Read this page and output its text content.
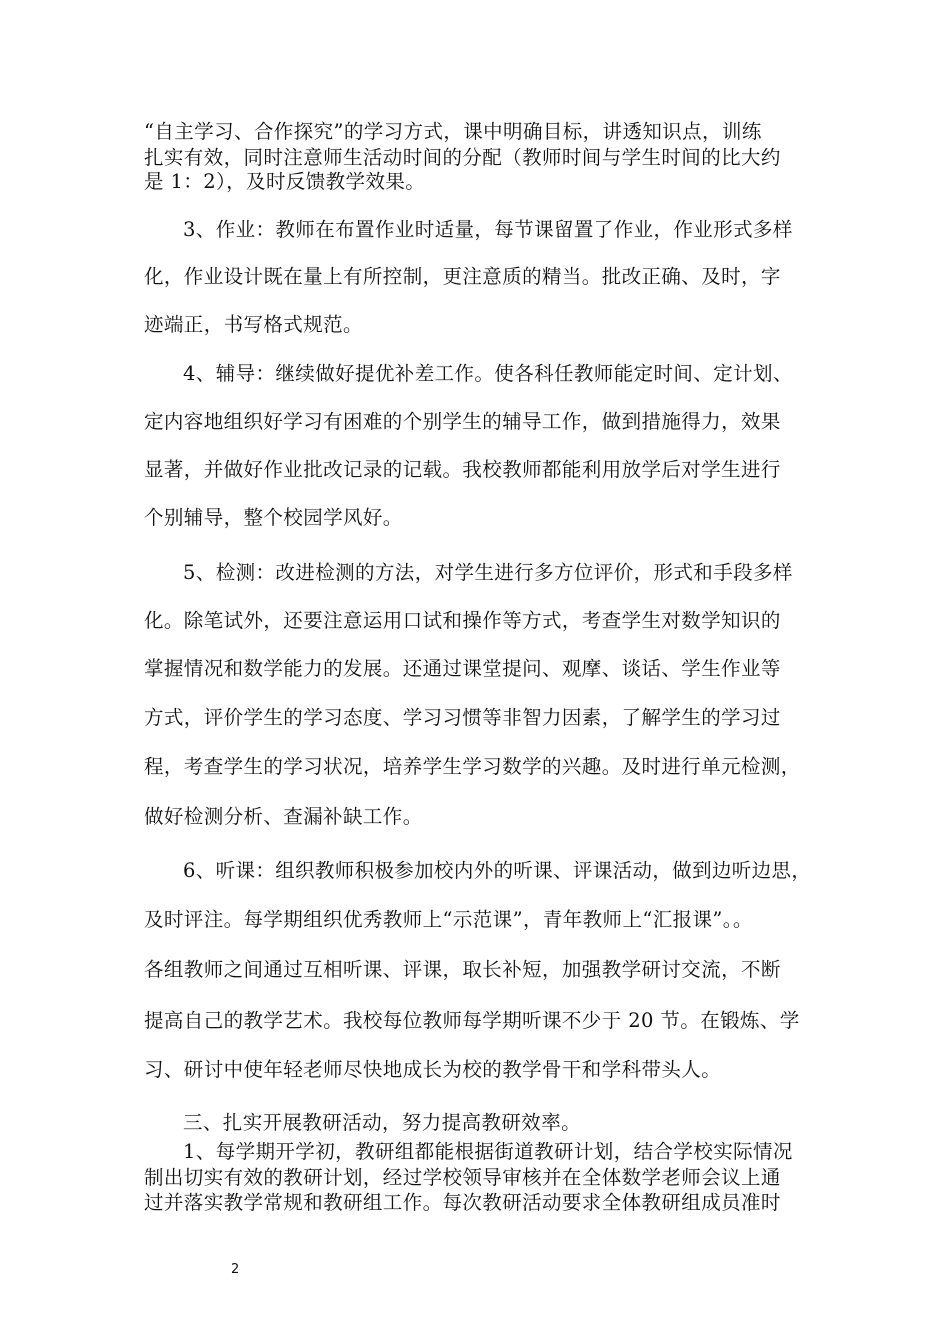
“自主学习、合作探究”的学习方式，课中明确目标，讲透知识点，训练
扎实有效，同时注意师生活动时间的分配（教师时间与学生时间的比大约
是 1：2），及时反馈教学效果。
3、作业：教师在布置作业时适量，每节课留置了作业，作业形式多样
化，作业设计既在量上有所控制，更注意质的精当。批改正确、及时，字
迹端正，书写格式规范。
4、辅导：继续做好提优补差工作。使各科任教师能定时间、定计划、
定内容地组织好学习有困难的个别学生的辅导工作，做到措施得力，效果
显著，并做好作业批改记录的记载。我校教师都能利用放学后对学生进行
个别辅导，整个校园学风好。
5、检测：改进检测的方法，对学生进行多方位评价，形式和手段多样
化。除笔试外，还要注意运用口试和操作等方式，考查学生对数学知识的
掌握情况和数学能力的发展。还通过课堂提问、观摩、谈话、学生作业等
方式，评价学生的学习态度、学习习惯等非智力因素，了解学生的学习过
程，考查学生的学习状况，培养学生学习数学的兴趣。及时进行单元检测，
做好检测分析、查漏补缺工作。
6、听课：组织教师积极参加校内外的听课、评课活动，做到边听边思，
及时评注。每学期组织优秀教师上“示范课”，青年教师上“汇报课”。。
各组教师之间通过互相听课、评课，取长补短，加强教学研讨交流，不断
提高自己的教学艺术。我校每位教师每学期听课不少于 20 节。在锻炼、学
习、研讨中使年轻老师尽快地成长为校的教学骨干和学科带头人。
三、扎实开展教研活动，努力提高教研效率。
1、每学期开学初，教研组都能根据街道教研计划，结合学校实际情况
制出切实有效的教研计划，经过学校领导审核并在全体数学老师会议上通
过并落实教学常规和教研组工作。每次教研活动要求全体教研组成员准时
2
